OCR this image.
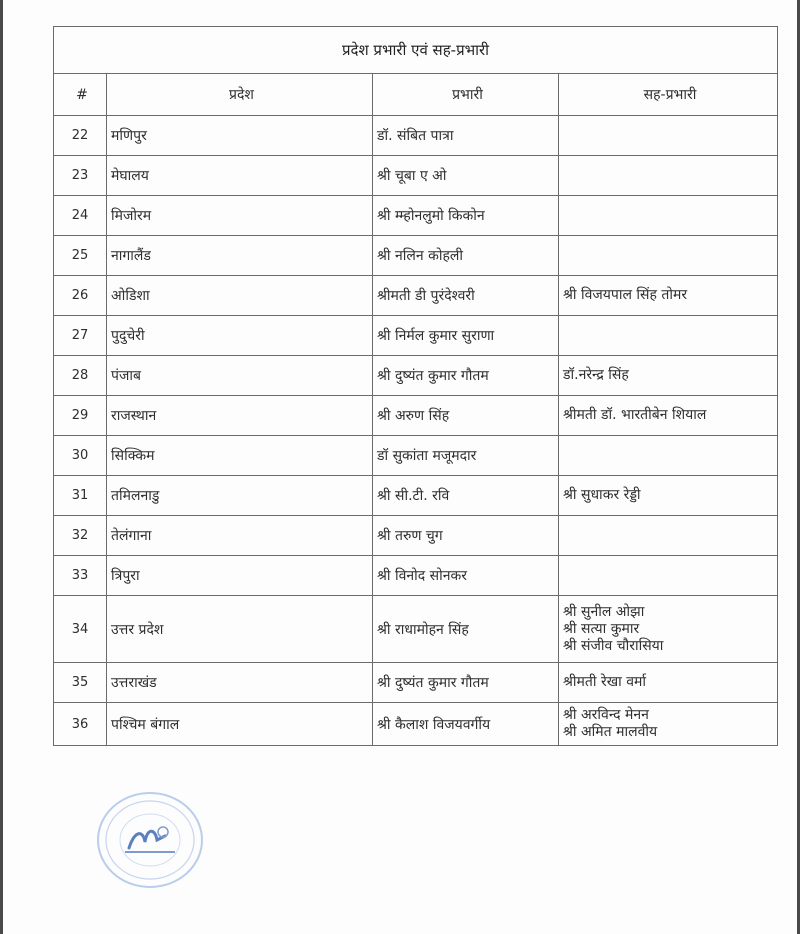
प्रदेश प्रभारी एवं सह-प्रभारी			
#	प्रदेश	प्रभारी	सह-प्रभारी
22	मणिपुर	डॉ. संबित पात्रा	
23	मेघालय	श्री चूबा ए ओ	
24	मिजोरम	श्री म्म्होनलुमो किकोन	
25	नागालैंड	श्री नलिन कोहली	
26	ओडिशा	श्रीमती डी पुरंदेश्वरी	श्री विजयपाल सिंह तोमर

27	पुदुचेरी	श्री निर्मल कुमार सुराणा	
28	पंजाब	श्री दुष्यंत कुमार गौतम	डॉ.नरेन्द्र सिंह

29	राजस्थान	श्री अरुण सिंह	श्रीमती डॉ. भारतीबेन शियाल

30	सिक्किम	डॉ सुकांता मजूमदार	
31	तमिलनाडु	श्री सी.टी. रवि	श्री सुधाकर रेड्डी

32	तेलंगाना	श्री तरुण चुग	
33	त्रिपुरा	श्री विनोद सोनकर	
34	उत्तर प्रदेश	श्री राधामोहन सिंह	श्री सुनील ओझा
श्री सत्या कुमार
श्री संजीव चौरासिया

35	उत्तराखंड	श्री दुष्यंत कुमार गौतम	श्रीमती रेखा वर्मा

36	पश्चिम बंगाल	श्री कैलाश विजयवर्गीय	श्री अरविन्द मेनन
श्री अमित मालवीय
